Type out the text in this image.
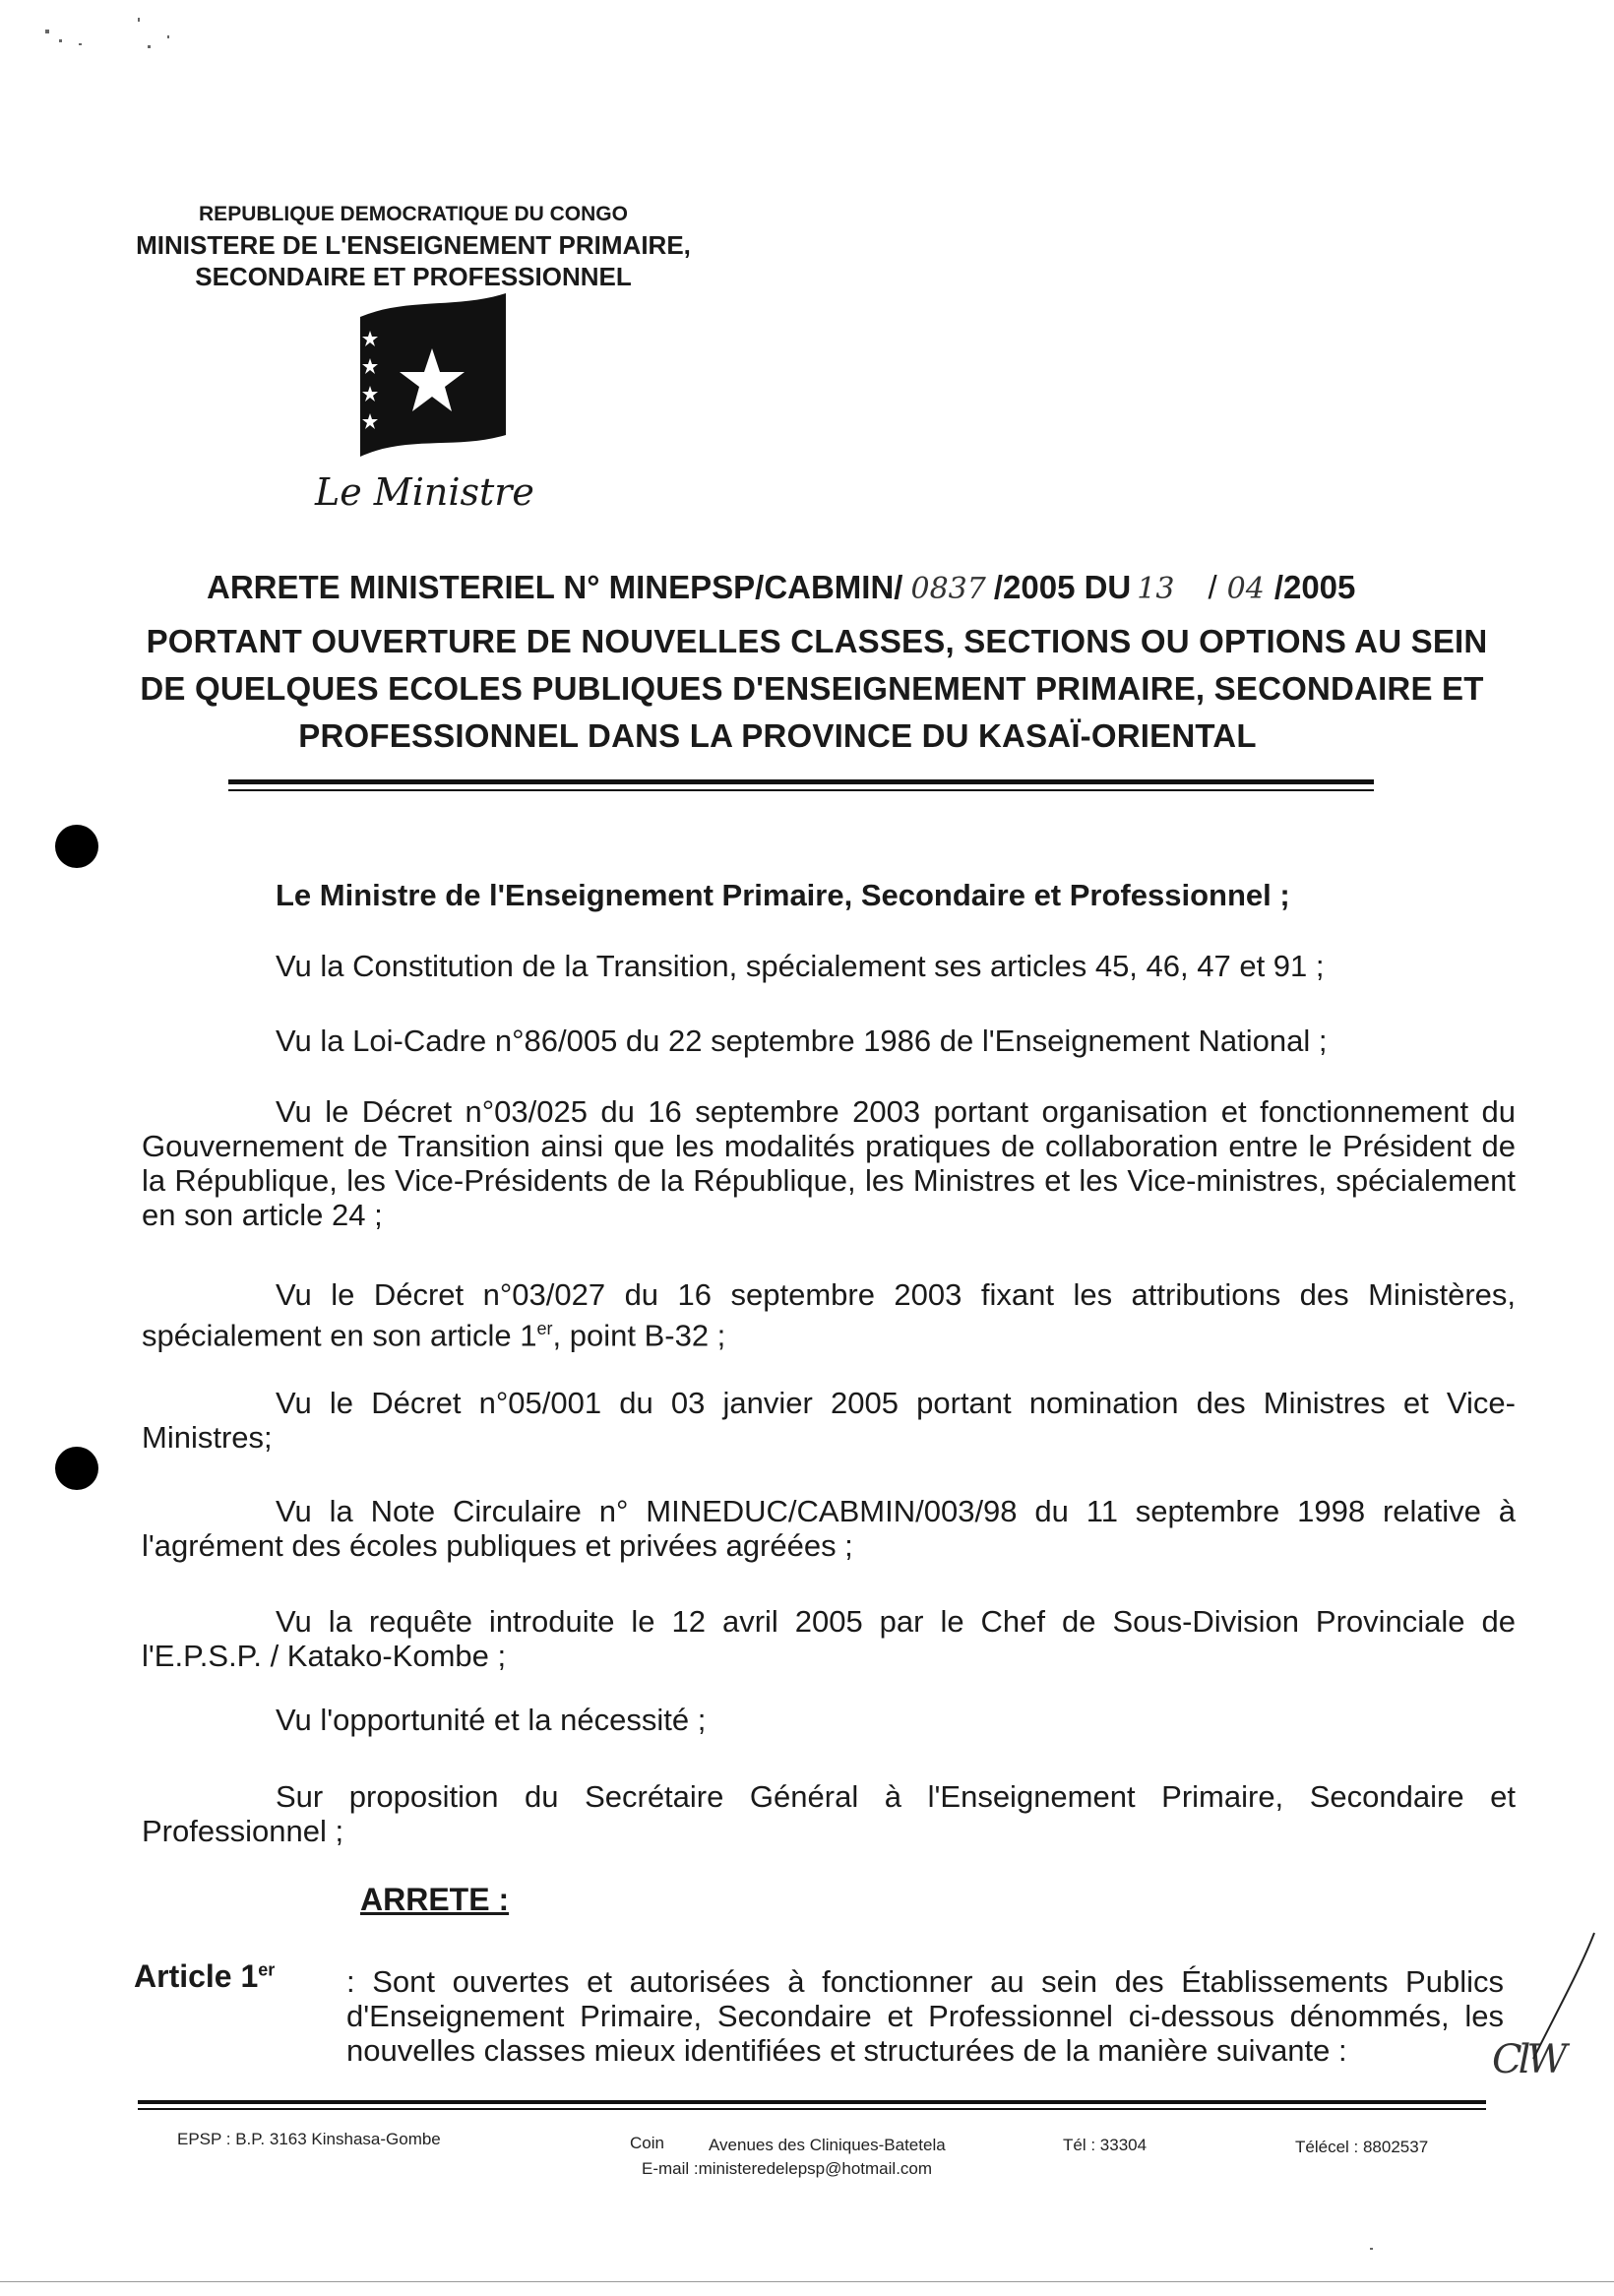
REPUBLIQUE DEMOCRATIQUE DU CONGO
MINISTERE DE L'ENSEIGNEMENT PRIMAIRE,
SECONDAIRE ET PROFESSIONNEL
Le Ministre
ARRETE MINISTERIEL N° MINEPSP/CABMIN/ 0837 /2005 DU 13 / 04 /2005
PORTANT OUVERTURE DE NOUVELLES CLASSES, SECTIONS OU OPTIONS AU SEIN
DE QUELQUES ECOLES PUBLIQUES D'ENSEIGNEMENT PRIMAIRE, SECONDAIRE ET
PROFESSIONNEL DANS LA PROVINCE DU KASAÏ-ORIENTAL
Le Ministre de l'Enseignement Primaire, Secondaire et Professionnel ;
Vu la Constitution de la Transition, spécialement ses articles 45, 46, 47 et 91 ;
Vu la Loi-Cadre n°86/005 du 22 septembre 1986 de l'Enseignement National ;
Vu le Décret n°03/025 du 16 septembre 2003 portant organisation et fonctionnement du Gouvernement de Transition ainsi que les modalités pratiques de collaboration entre le Président de la République, les Vice-Présidents de la République, les Ministres et les Vice-ministres, spécialement en son article 24 ;
Vu le Décret n°03/027 du 16 septembre 2003 fixant les attributions des Ministères, spécialement en son article 1er, point B-32 ;
Vu le Décret n°05/001 du 03 janvier 2005 portant nomination des Ministres et Vice-Ministres;
Vu la Note Circulaire n° MINEDUC/CABMIN/003/98 du 11 septembre 1998 relative à l'agrément des écoles publiques et privées agréées ;
Vu la requête introduite le 12 avril 2005 par le Chef de Sous-Division Provinciale de l'E.P.S.P. / Katako-Kombe ;
Vu l'opportunité et la nécessité ;
Sur proposition du Secrétaire Général à l'Enseignement Primaire, Secondaire et Professionnel ;
ARRETE :
Article 1er : Sont ouvertes et autorisées à fonctionner au sein des Établissements Publics d'Enseignement Primaire, Secondaire et Professionnel ci-dessous dénommés, les nouvelles classes mieux identifiées et structurées de la manière suivante :	ClW
EPSP : B.P. 3163 Kinshasa-Gombe	Coin	Avenues des Cliniques-Batetela
E-mail :ministeredelepsp@hotmail.com
Tél : 33304	Télécel : 8802537
